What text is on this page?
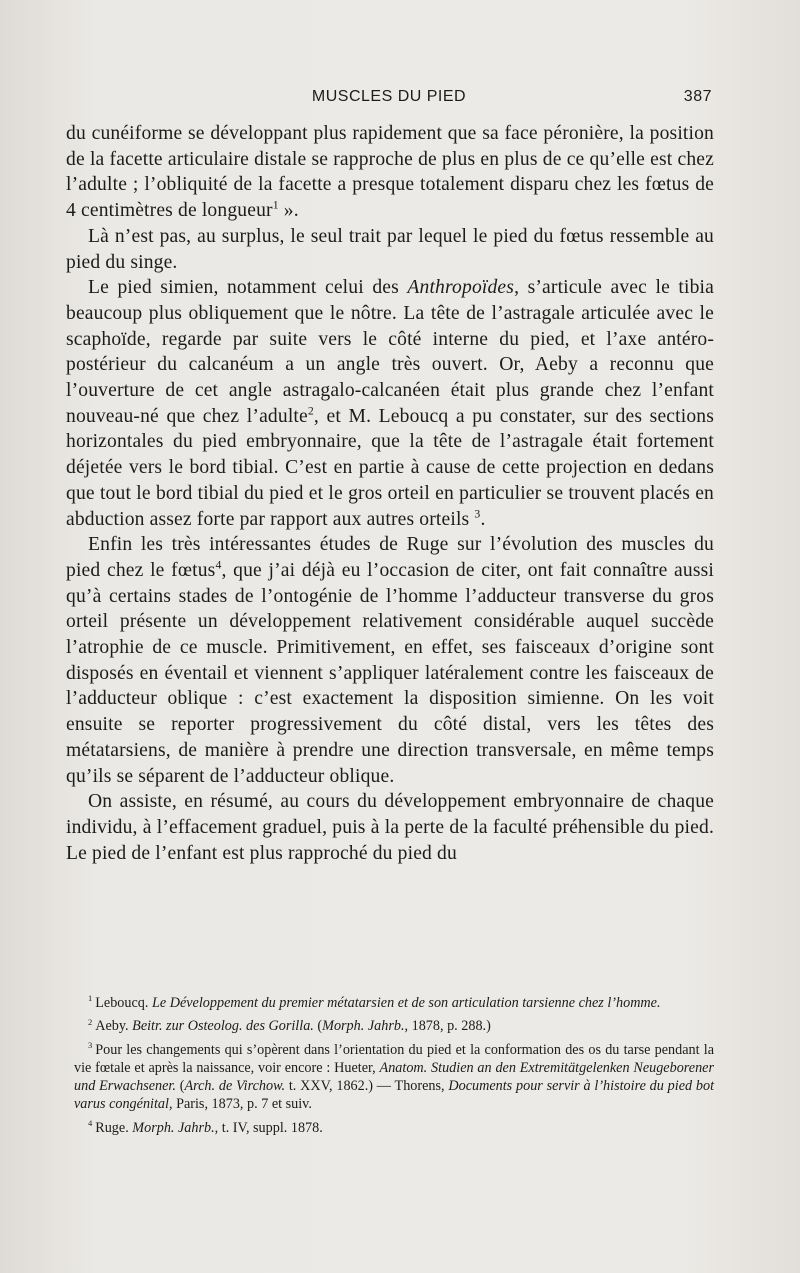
MUSCLES DU PIED	387

du cunéiforme se développant plus rapidement que sa face péronière, la position de la facette articulaire distale se rapproche de plus en plus de ce qu’elle est chez l’adulte ; l’obliquité de la facette a presque totalement disparu chez les fœtus de 4 centimètres de longueur$^1$ ».

Là n’est pas, au surplus, le seul trait par lequel le pied du fœtus ressemble au pied du singe.

Le pied simien, notamment celui des Anthropoïdes, s’articule avec le tibia beaucoup plus obliquement que le nôtre. La tête de l’astragale articulée avec le scaphoïde, regarde par suite vers le côté interne du pied, et l’axe antéro-postérieur du calcanéum a un angle très ouvert. Or, Aeby a reconnu que l’ouverture de cet angle astragalo-calcanéen était plus grande chez l’enfant nouveau-né que chez l’adulte$^2$, et M. Leboucq a pu constater, sur des sections horizontales du pied embryonnaire, que la tête de l’astragale était fortement déjetée vers le bord tibial. C’est en partie à cause de cette projection en dedans que tout le bord tibial du pied et le gros orteil en particulier se trouvent placés en abduction assez forte par rapport aux autres orteils $^3$.

Enfin les très intéressantes études de Ruge sur l’évolution des muscles du pied chez le fœtus$^4$, que j’ai déjà eu l’occasion de citer, ont fait connaître aussi qu’à certains stades de l’ontogénie de l’homme l’adducteur transverse du gros orteil présente un développement relativement considérable auquel succède l’atrophie de ce muscle. Primitivement, en effet, ses faisceaux d’origine sont disposés en éventail et viennent s’appliquer latéralement contre les faisceaux de l’adducteur oblique : c’est exactement la disposition simienne. On les voit ensuite se reporter progressivement du côté distal, vers les têtes des métatarsiens, de manière à prendre une direction transversale, en même temps qu’ils se séparent de l’adducteur oblique.

On assiste, en résumé, au cours du développement embryonnaire de chaque individu, à l’effacement graduel, puis à la perte de la faculté préhensible du pied. Le pied de l’enfant est plus rapproché du pied du

$^1$ Leboucq. Le Développement du premier métatarsien et de son articulation tarsienne chez l’homme.

$^2$ Aeby. Beitr. zur Osteolog. des Gorilla. (Morph. Jahrb., 1878, p. 288.)

$^3$ Pour les changements qui s’opèrent dans l’orientation du pied et la conformation des os du tarse pendant la vie fœtale et après la naissance, voir encore : Hueter, Anatom. Studien an den Extremitätgelenken Neugeborener und Erwachsener. (Arch. de Virchow. t. XXV, 1862.) — Thorens, Documents pour servir à l’histoire du pied bot varus congénital, Paris, 1873, p. 7 et suiv.

$^4$ Ruge. Morph. Jahrb., t. IV, suppl. 1878.
